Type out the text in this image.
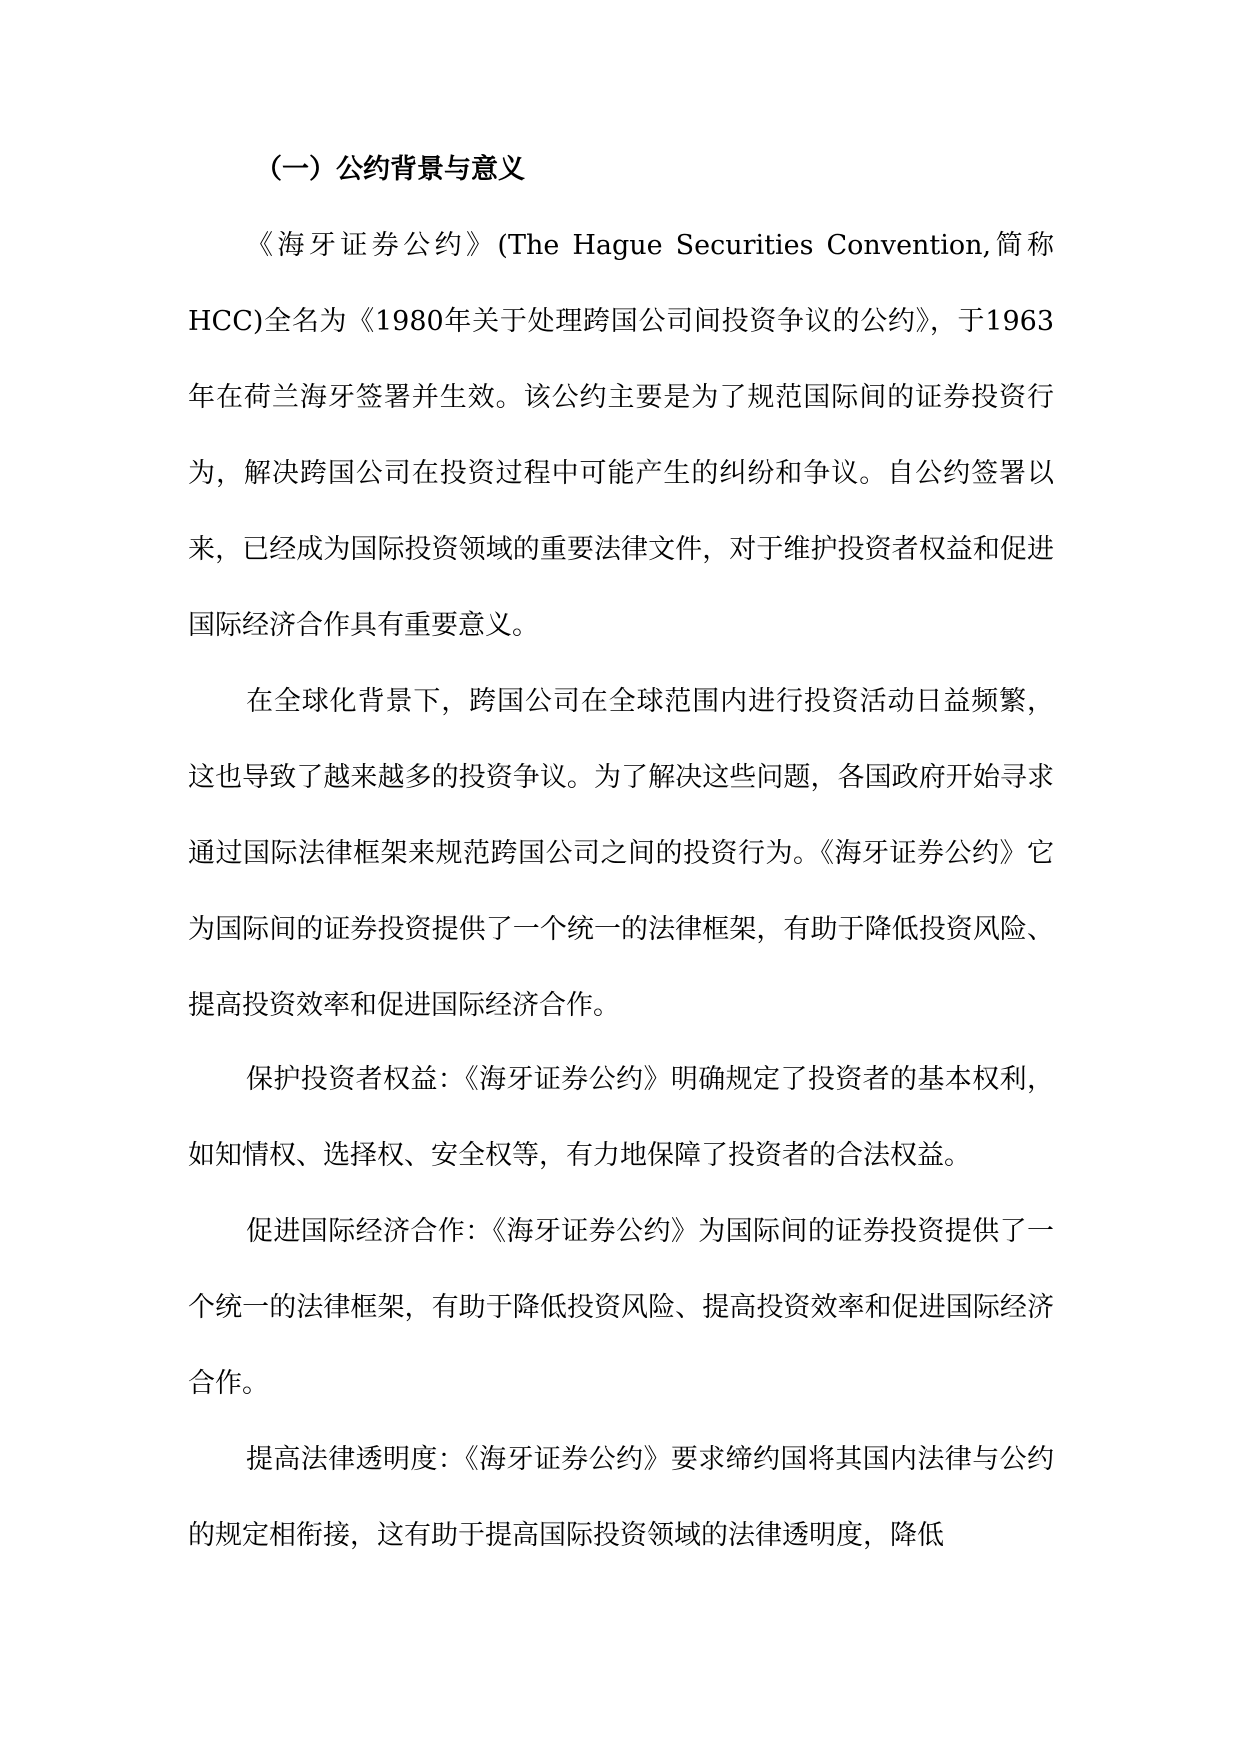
（一）公约背景与意义

《海牙证券公约》(The Hague Securities Convention,简称HCC)全名为《1980年关于处理跨国公司间投资争议的公约》，于1963年在荷兰海牙签署并生效。该公约主要是为了规范国际间的证券投资行为，解决跨国公司在投资过程中可能产生的纠纷和争议。自公约签署以来，已经成为国际投资领域的重要法律文件，对于维护投资者权益和促进国际经济合作具有重要意义。

在全球化背景下，跨国公司在全球范围内进行投资活动日益频繁，这也导致了越来越多的投资争议。为了解决这些问题，各国政府开始寻求通过国际法律框架来规范跨国公司之间的投资行为。《海牙证券公约》它为国际间的证券投资提供了一个统一的法律框架，有助于降低投资风险、提高投资效率和促进国际经济合作。

保护投资者权益：《海牙证券公约》明确规定了投资者的基本权利，如知情权、选择权、安全权等，有力地保障了投资者的合法权益。

促进国际经济合作：《海牙证券公约》为国际间的证券投资提供了一个统一的法律框架，有助于降低投资风险、提高投资效率和促进国际经济合作。

提高法律透明度：《海牙证券公约》要求缔约国将其国内法律与公约的规定相衔接，这有助于提高国际投资领域的法律透明度，降低
